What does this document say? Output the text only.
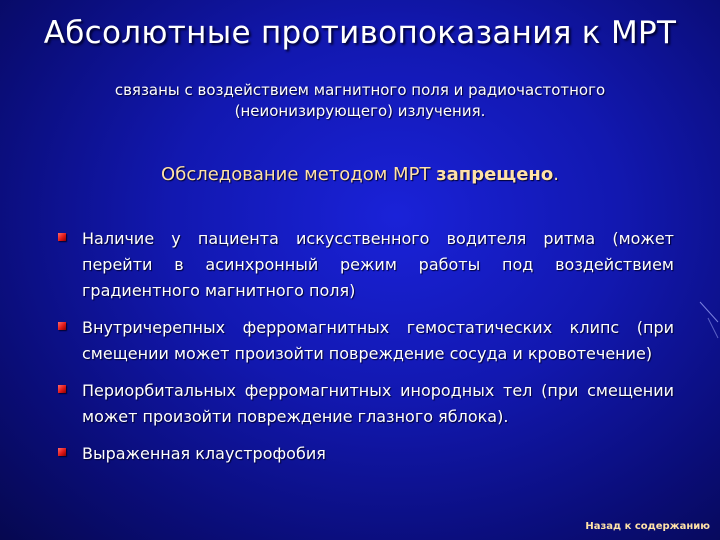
Абсолютные противопоказания к МРТ
связаны с воздействием магнитного поля и радиочастотного (неионизирующего) излучения.
Обследование методом МРТ запрещено.
Наличие у пациента искусственного водителя ритма (может перейти в асинхронный режим работы под воздействием градиентного магнитного поля)
Внутричерепных ферромагнитных гемостатических клипс (при смещении может произойти повреждение сосуда и кровотечение)
Периорбитальных ферромагнитных инородных тел (при смещении может произойти повреждение глазного яблока).
Выраженная клаустрофобия
Назад к содержанию
